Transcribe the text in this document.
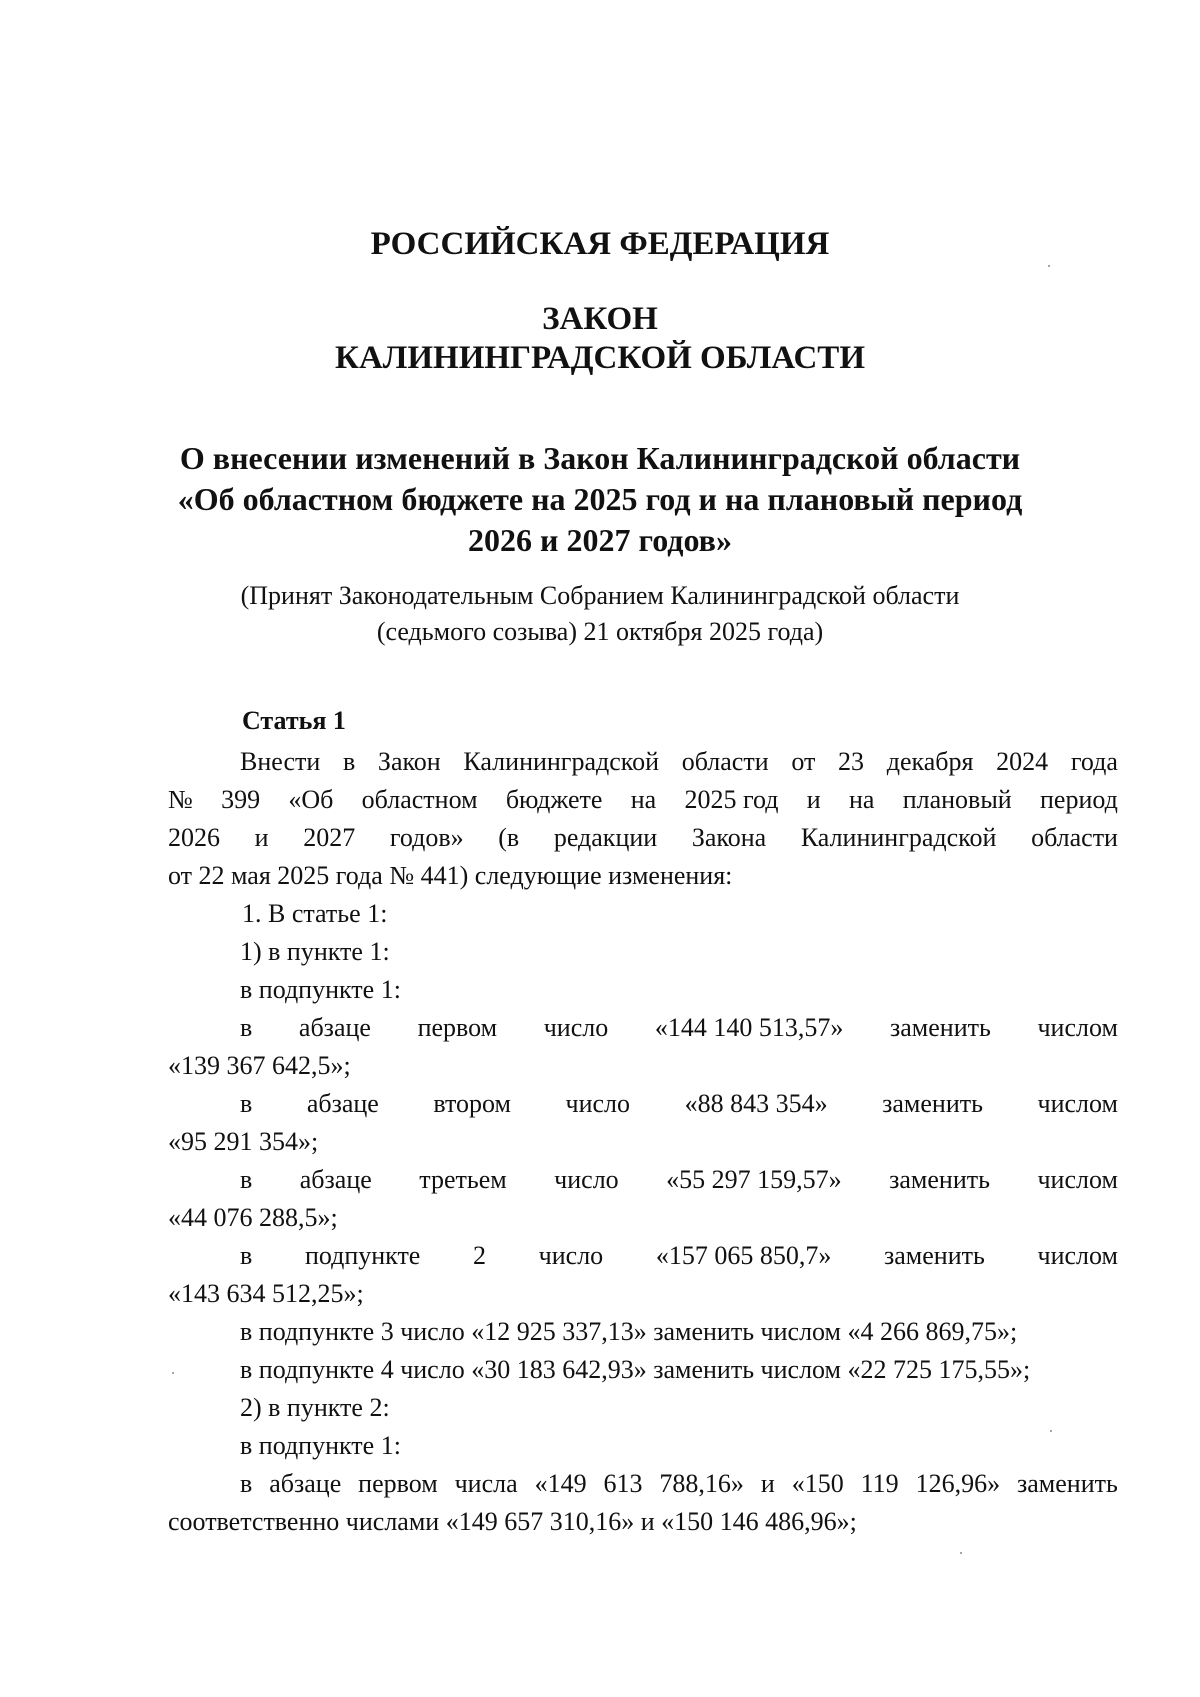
РОССИЙСКАЯ ФЕДЕРАЦИЯ
ЗАКОН
КАЛИНИНГРАДСКОЙ ОБЛАСТИ
О внесении изменений в Закон Калининградской области
«Об областном бюджете на 2025 год и на плановый период
2026 и 2027 годов»
(Принят Законодательным Собранием Калининградской области
(седьмого созыва) 21 октября 2025 года)
Статья 1
Внести в Закон Калининградской области от 23 декабря 2024 года
№ 399 «Об областном бюджете на 2025 год и на плановый период
2026 и 2027 годов» (в редакции Закона Калининградской области
от 22 мая 2025 года № 441) следующие изменения:
1. В статье 1:
1) в пункте 1:
в подпункте 1:
в абзаце первом число «144 140 513,57» заменить числом
«139 367 642,5»;
в абзаце втором число «88 843 354» заменить числом
«95 291 354»;
в абзаце третьем число «55 297 159,57» заменить числом
«44 076 288,5»;
в подпункте 2 число «157 065 850,7» заменить числом
«143 634 512,25»;
в подпункте 3 число «12 925 337,13» заменить числом «4 266 869,75»;
в подпункте 4 число «30 183 642,93» заменить числом «22 725 175,55»;
2) в пункте 2:
в подпункте 1:
в абзаце первом числа «149 613 788,16» и «150 119 126,96» заменить
соответственно числами «149 657 310,16» и «150 146 486,96»;
